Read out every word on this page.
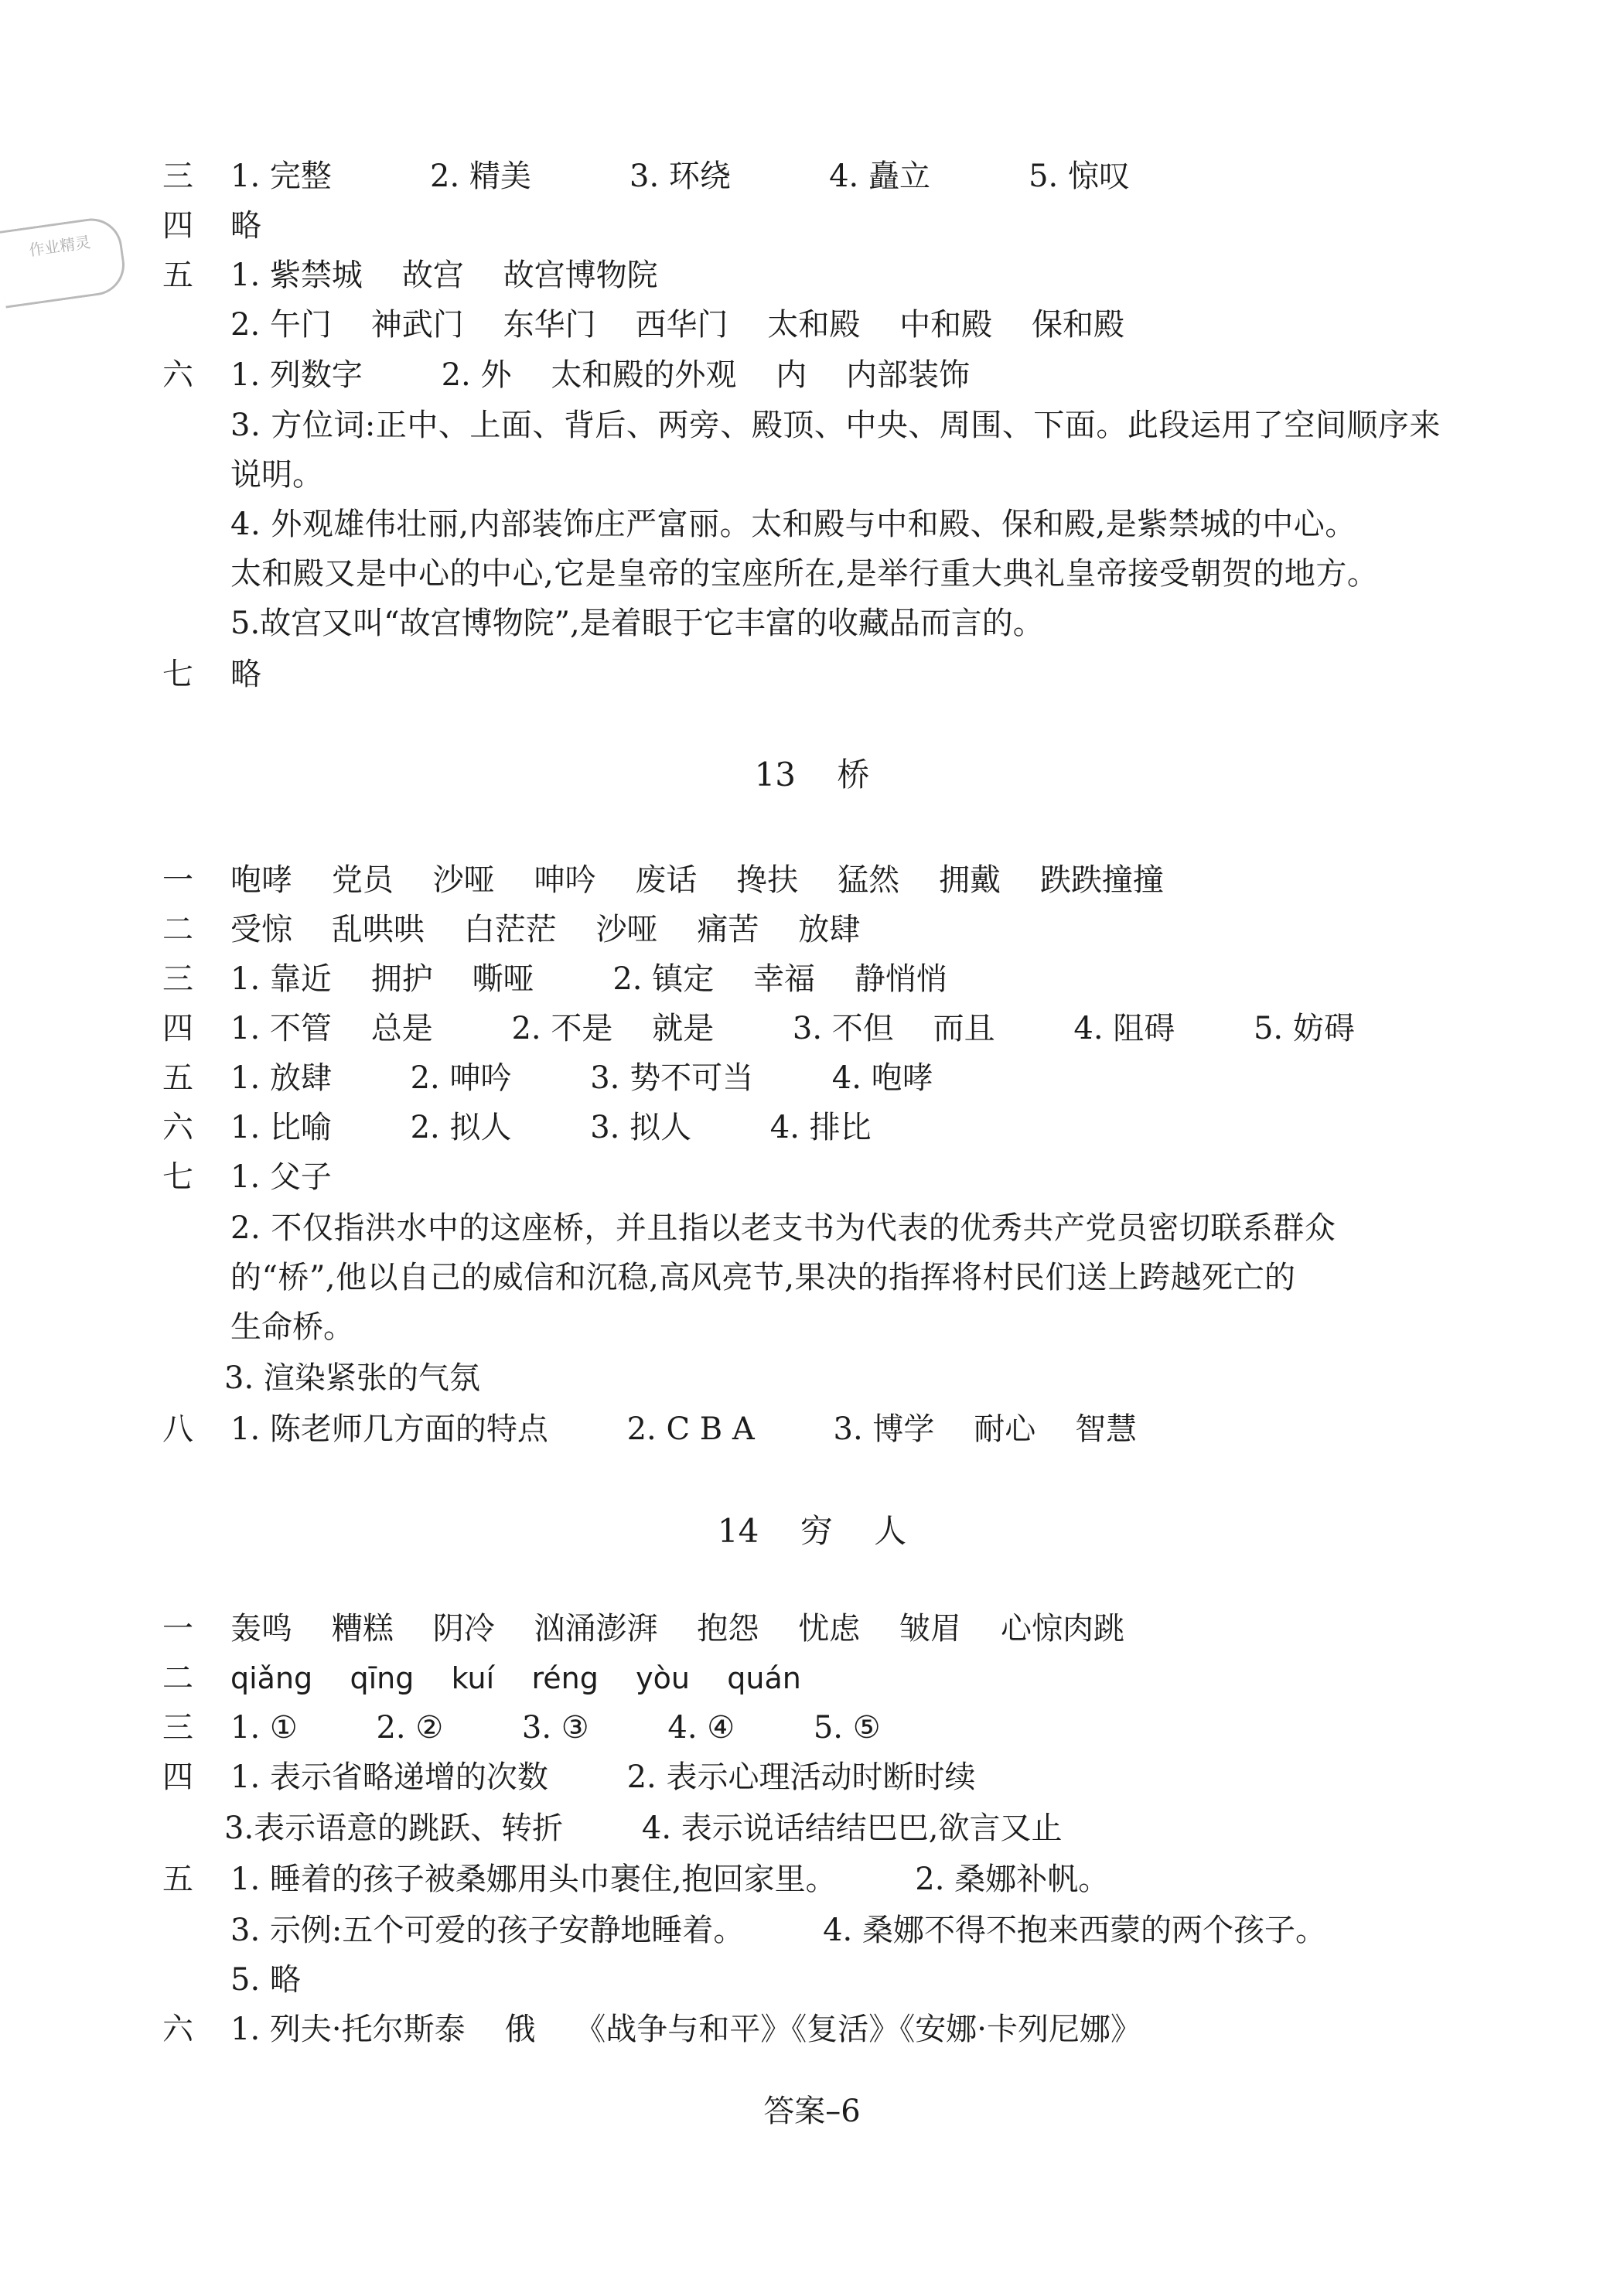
作业精灵
三 1. 完整          2. 精美          3. 环绕          4. 矗立          5. 惊叹
四 略
五 1. 紫禁城    故宫    故宫博物院
2. 午门    神武门    东华门    西华门    太和殿    中和殿    保和殿
六 1. 列数字        2. 外    太和殿的外观    内    内部装饰
3. 方位词:正中、上面、背后、两旁、殿顶、中央、周围、下面。此段运用了空间顺序来
说明。
4. 外观雄伟壮丽,内部装饰庄严富丽。太和殿与中和殿、保和殿,是紫禁城的中心。
太和殿又是中心的中心,它是皇帝的宝座所在,是举行重大典礼皇帝接受朝贺的地方。
5.故宫又叫“故宫博物院”,是着眼于它丰富的收藏品而言的。
七 略
13    桥
一 咆哮    党员    沙哑    呻吟    废话    搀扶    猛然    拥戴    跌跌撞撞
二 受惊    乱哄哄    白茫茫    沙哑    痛苦    放肆
三 1. 靠近    拥护    嘶哑        2. 镇定    幸福    静悄悄
四 1. 不管    总是        2. 不是    就是        3. 不但    而且        4. 阻碍        5. 妨碍
五 1. 放肆        2. 呻吟        3. 势不可当        4. 咆哮
六 1. 比喻        2. 拟人        3. 拟人        4. 排比
七 1. 父子
2. 不仅指洪水中的这座桥，并且指以老支书为代表的优秀共产党员密切联系群众
的“桥”,他以自己的威信和沉稳,高风亮节,果决的指挥将村民们送上跨越死亡的
生命桥。
3. 渲染紧张的气氛
八 1. 陈老师几方面的特点        2. C B A        3. 博学    耐心    智慧
14    穷    人
一 轰鸣    糟糕    阴冷    汹涌澎湃    抱怨    忧虑    皱眉    心惊肉跳
二 qiǎng    qīng    kuí    réng    yòu    quán
三 1. ①        2. ②        3. ③        4. ④        5. ⑤
四 1. 表示省略递增的次数        2. 表示心理活动时断时续
3.表示语意的跳跃、转折        4. 表示说话结结巴巴,欲言又止
五 1. 睡着的孩子被桑娜用头巾裹住,抱回家里。        2. 桑娜补帆。
3. 示例:五个可爱的孩子安静地睡着。        4. 桑娜不得不抱来西蒙的两个孩子。
5. 略
六 1. 列夫·托尔斯泰    俄    《战争与和平》《复活》《安娜·卡列尼娜》
答案–6
